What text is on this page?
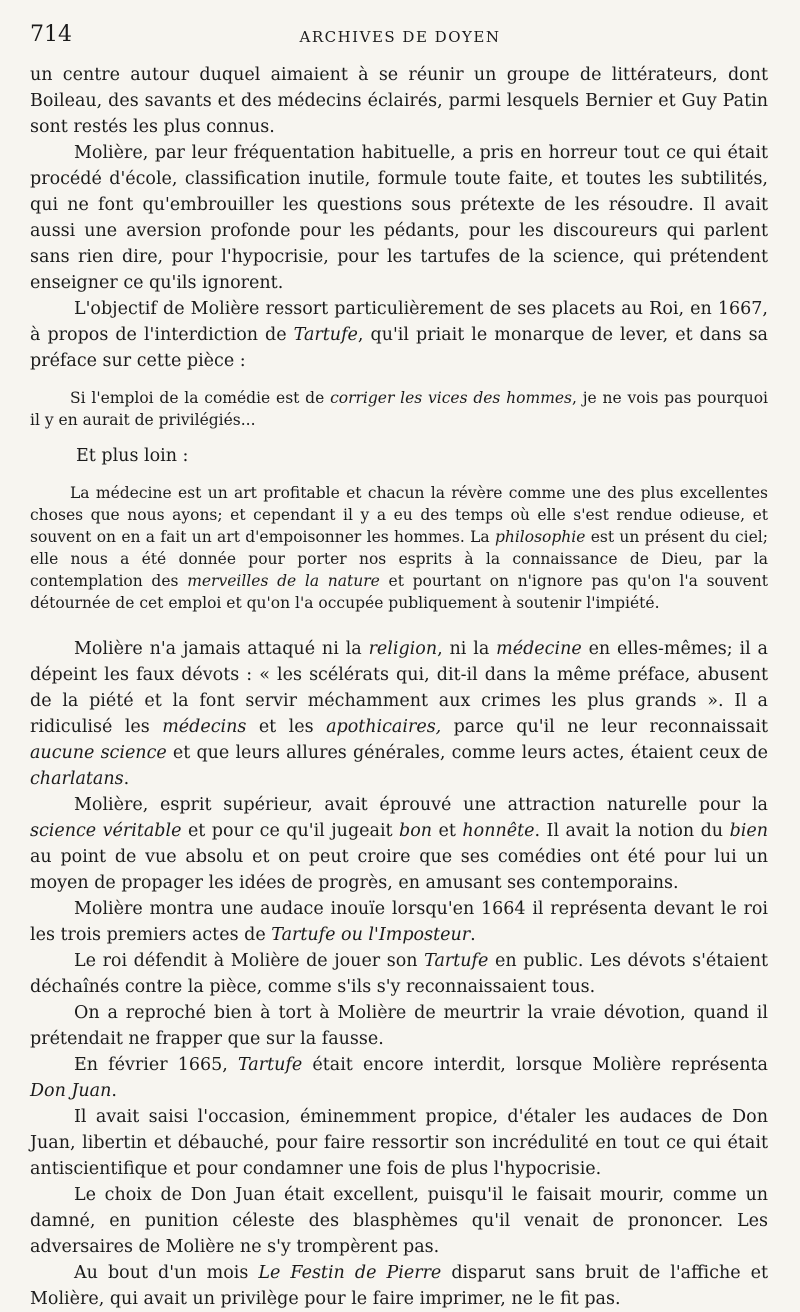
714	ARCHIVES DE DOYEN

un centre autour duquel aimaient à se réunir un groupe de littérateurs, dont Boileau, des savants et des médecins éclairés, parmi lesquels Bernier et Guy Patin sont restés les plus connus.

Molière, par leur fréquentation habituelle, a pris en horreur tout ce qui était procédé d'école, classification inutile, formule toute faite, et toutes les subtilités, qui ne font qu'embrouiller les questions sous prétexte de les résoudre. Il avait aussi une aversion profonde pour les pédants, pour les discoureurs qui parlent sans rien dire, pour l'hypocrisie, pour les tartufes de la science, qui prétendent enseigner ce qu'ils ignorent.

L'objectif de Molière ressort particulièrement de ses placets au Roi, en 1667, à propos de l'interdiction de Tartufe, qu'il priait le monarque de lever, et dans sa préface sur cette pièce :

Si l'emploi de la comédie est de corriger les vices des hommes, je ne vois pas pourquoi il y en aurait de privilégiés...

Et plus loin :

La médecine est un art profitable et chacun la révère comme une des plus excellentes choses que nous ayons; et cependant il y a eu des temps où elle s'est rendue odieuse, et souvent on en a fait un art d'empoisonner les hommes. La philosophie est un présent du ciel; elle nous a été donnée pour porter nos esprits à la connaissance de Dieu, par la contemplation des merveilles de la nature et pourtant on n'ignore pas qu'on l'a souvent détournée de cet emploi et qu'on l'a occupée publiquement à soutenir l'impiété.

Molière n'a jamais attaqué ni la religion, ni la médecine en elles-mêmes; il a dépeint les faux dévots : « les scélérats qui, dit-il dans la même préface, abusent de la piété et la font servir méchamment aux crimes les plus grands ». Il a ridiculisé les médecins et les apothicaires, parce qu'il ne leur reconnaissait aucune science et que leurs allures générales, comme leurs actes, étaient ceux de charlatans.

Molière, esprit supérieur, avait éprouvé une attraction naturelle pour la science véritable et pour ce qu'il jugeait bon et honnête. Il avait la notion du bien au point de vue absolu et on peut croire que ses comédies ont été pour lui un moyen de propager les idées de progrès, en amusant ses contemporains.

Molière montra une audace inouïe lorsqu'en 1664 il représenta devant le roi les trois premiers actes de Tartufe ou l'Imposteur.

Le roi défendit à Molière de jouer son Tartufe en public. Les dévots s'étaient déchaînés contre la pièce, comme s'ils s'y reconnaissaient tous.

On a reproché bien à tort à Molière de meurtrir la vraie dévotion, quand il prétendait ne frapper que sur la fausse.

En février 1665, Tartufe était encore interdit, lorsque Molière représenta Don Juan.

Il avait saisi l'occasion, éminemment propice, d'étaler les audaces de Don Juan, libertin et débauché, pour faire ressortir son incrédulité en tout ce qui était antiscientifique et pour condamner une fois de plus l'hypocrisie.

Le choix de Don Juan était excellent, puisqu'il le faisait mourir, comme un damné, en punition céleste des blasphèmes qu'il venait de prononcer. Les adversaires de Molière ne s'y trompèrent pas.

Au bout d'un mois Le Festin de Pierre disparut sans bruit de l'affiche et Molière, qui avait un privilège pour le faire imprimer, ne le fit pas.
